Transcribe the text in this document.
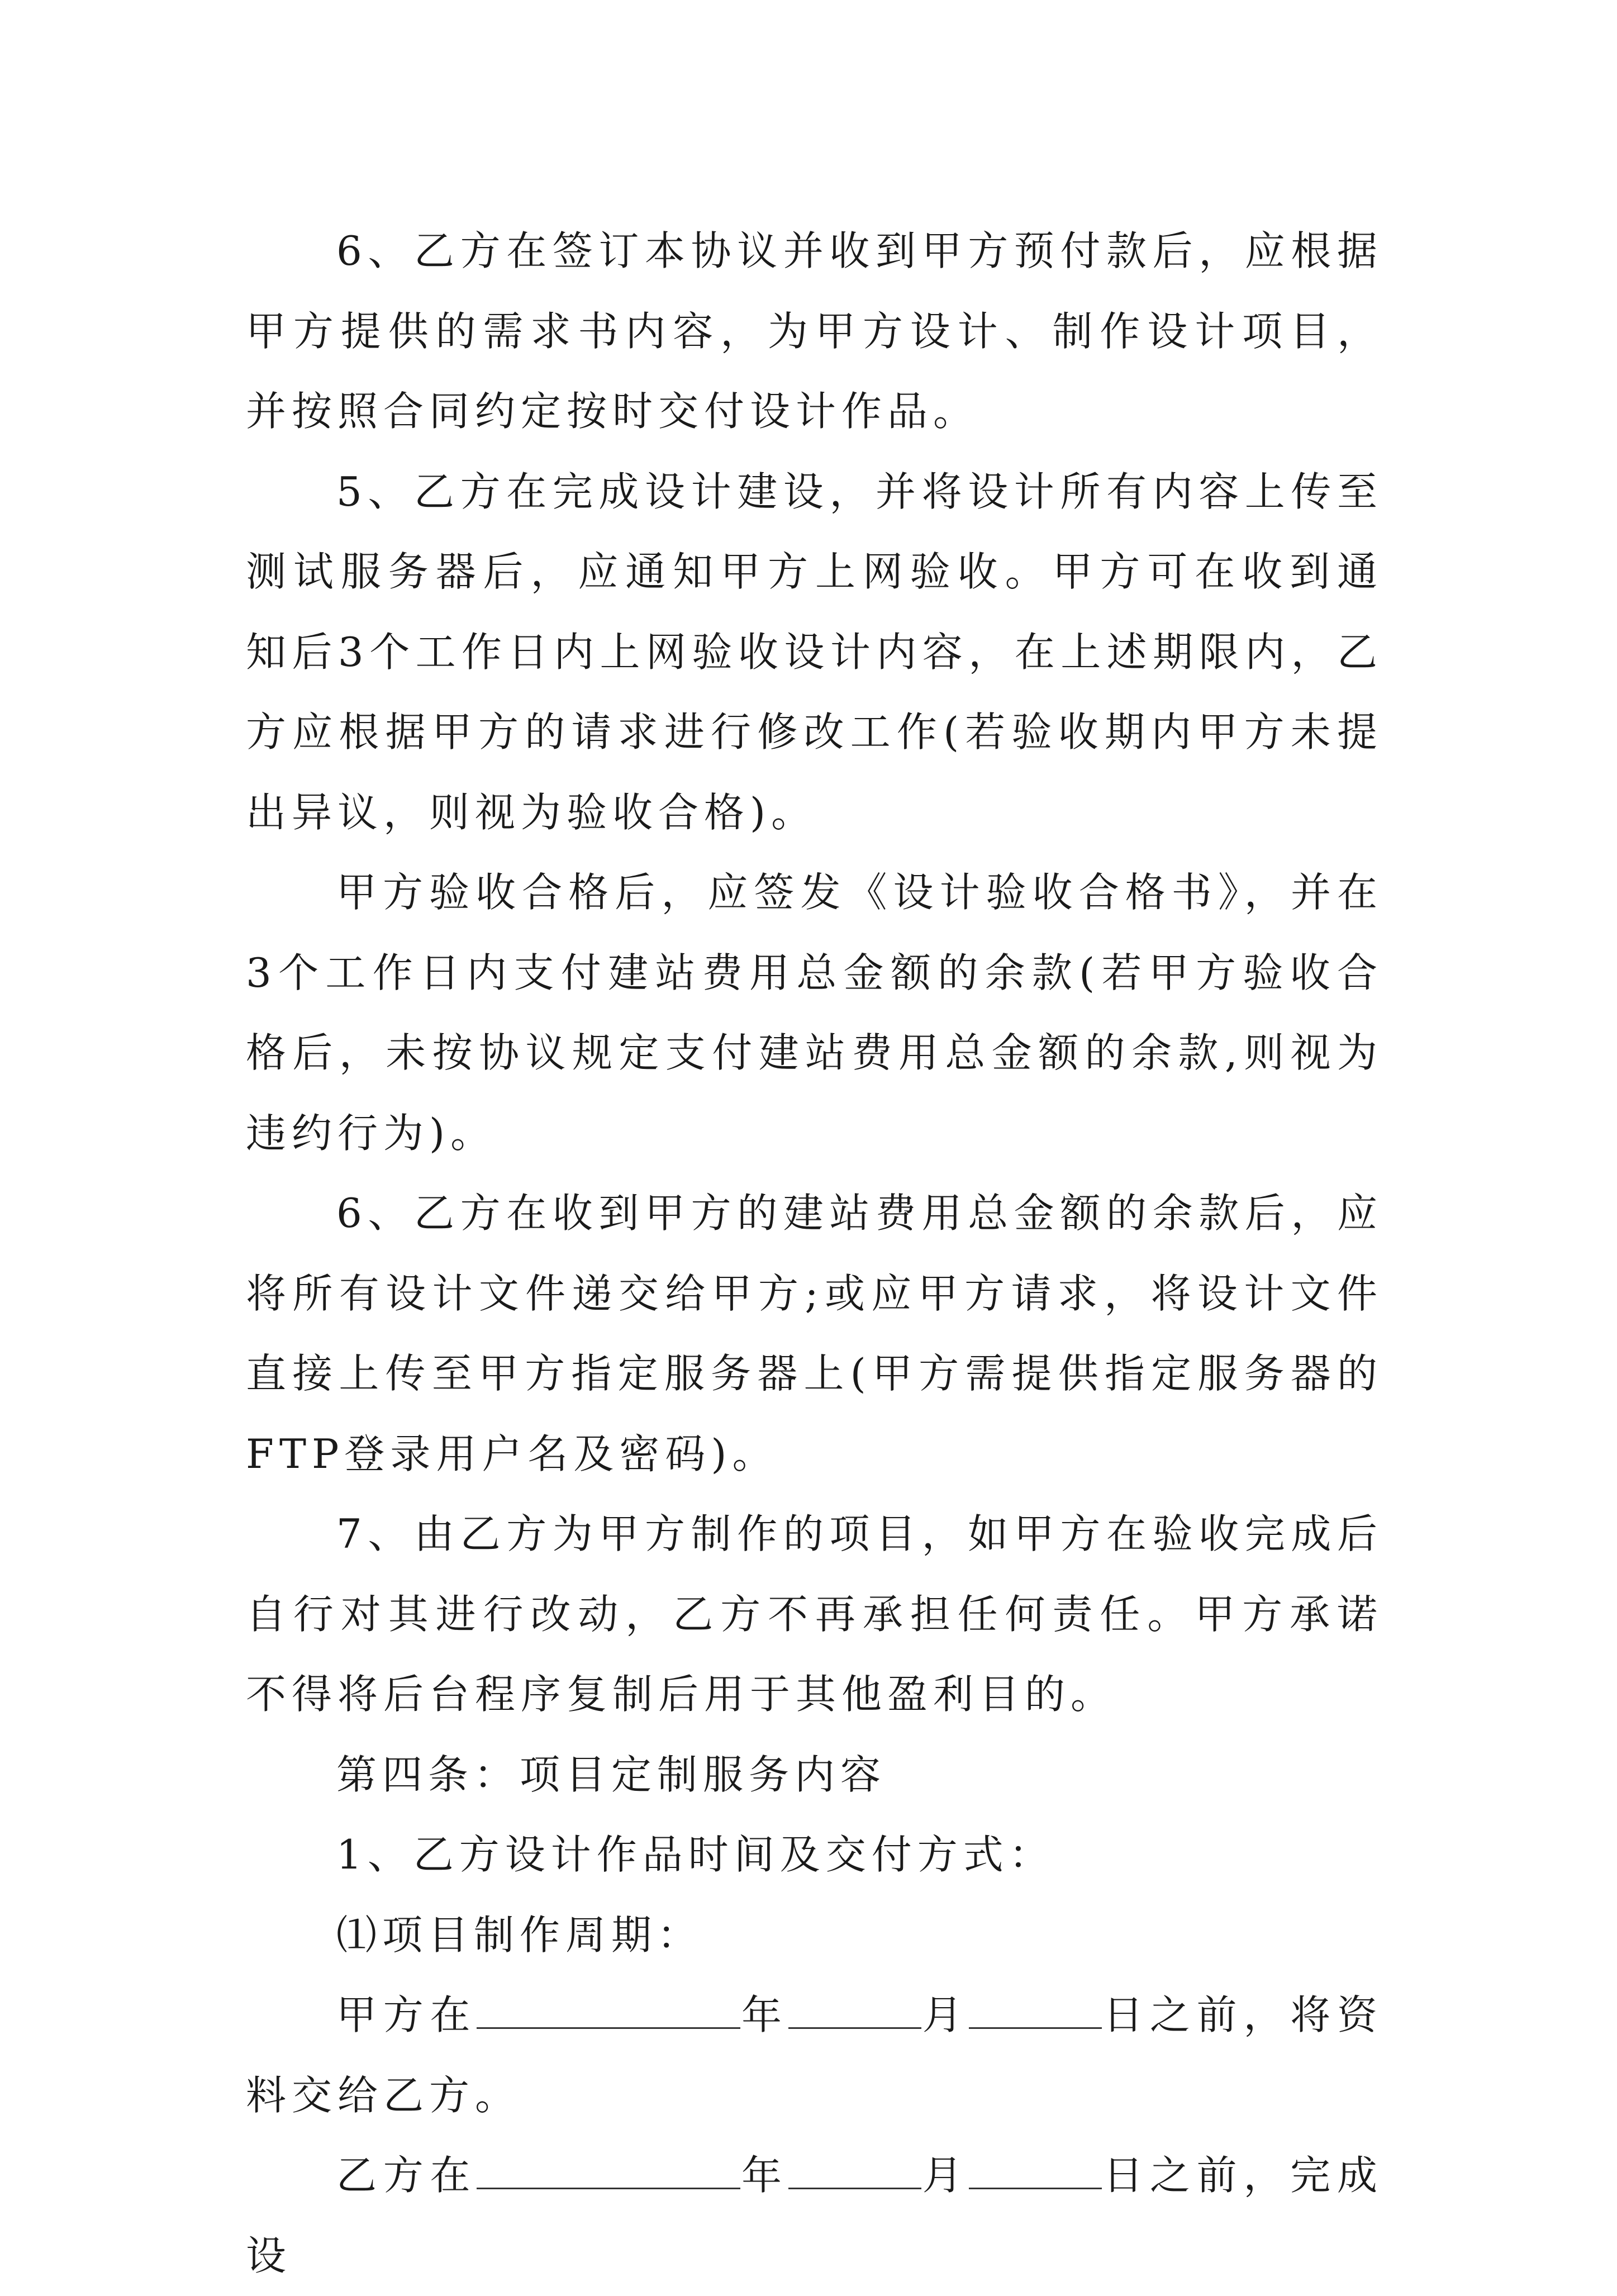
6、乙方在签订本协议并收到甲方预付款后，应根据甲方提供的需求书内容，为甲方设计、制作设计项目，并按照合同约定按时交付设计作品。

5、乙方在完成设计建设，并将设计所有内容上传至测试服务器后，应通知甲方上网验收。甲方可在收到通知后3个工作日内上网验收设计内容，在上述期限内，乙方应根据甲方的请求进行修改工作(若验收期内甲方未提出异议，则视为验收合格)。

甲方验收合格后，应签发《设计验收合格书》，并在3个工作日内支付建站费用总金额的余款(若甲方验收合格后，未按协议规定支付建站费用总金额的余款,则视为违约行为)。

6、乙方在收到甲方的建站费用总金额的余款后，应将所有设计文件递交给甲方;或应甲方请求，将设计文件直接上传至甲方指定服务器上(甲方需提供指定服务器的FTP登录用户名及密码)。

7、由乙方为甲方制作的项目，如甲方在验收完成后自行对其进行改动，乙方不再承担任何责任。甲方承诺不得将后台程序复制后用于其他盈利目的。

第四条：项目定制服务内容

1、乙方设计作品时间及交付方式：

⑴项目制作周期：

甲方在	年	月	日之前，将资料交给乙方。

乙方在	年	月	日之前，完成设
